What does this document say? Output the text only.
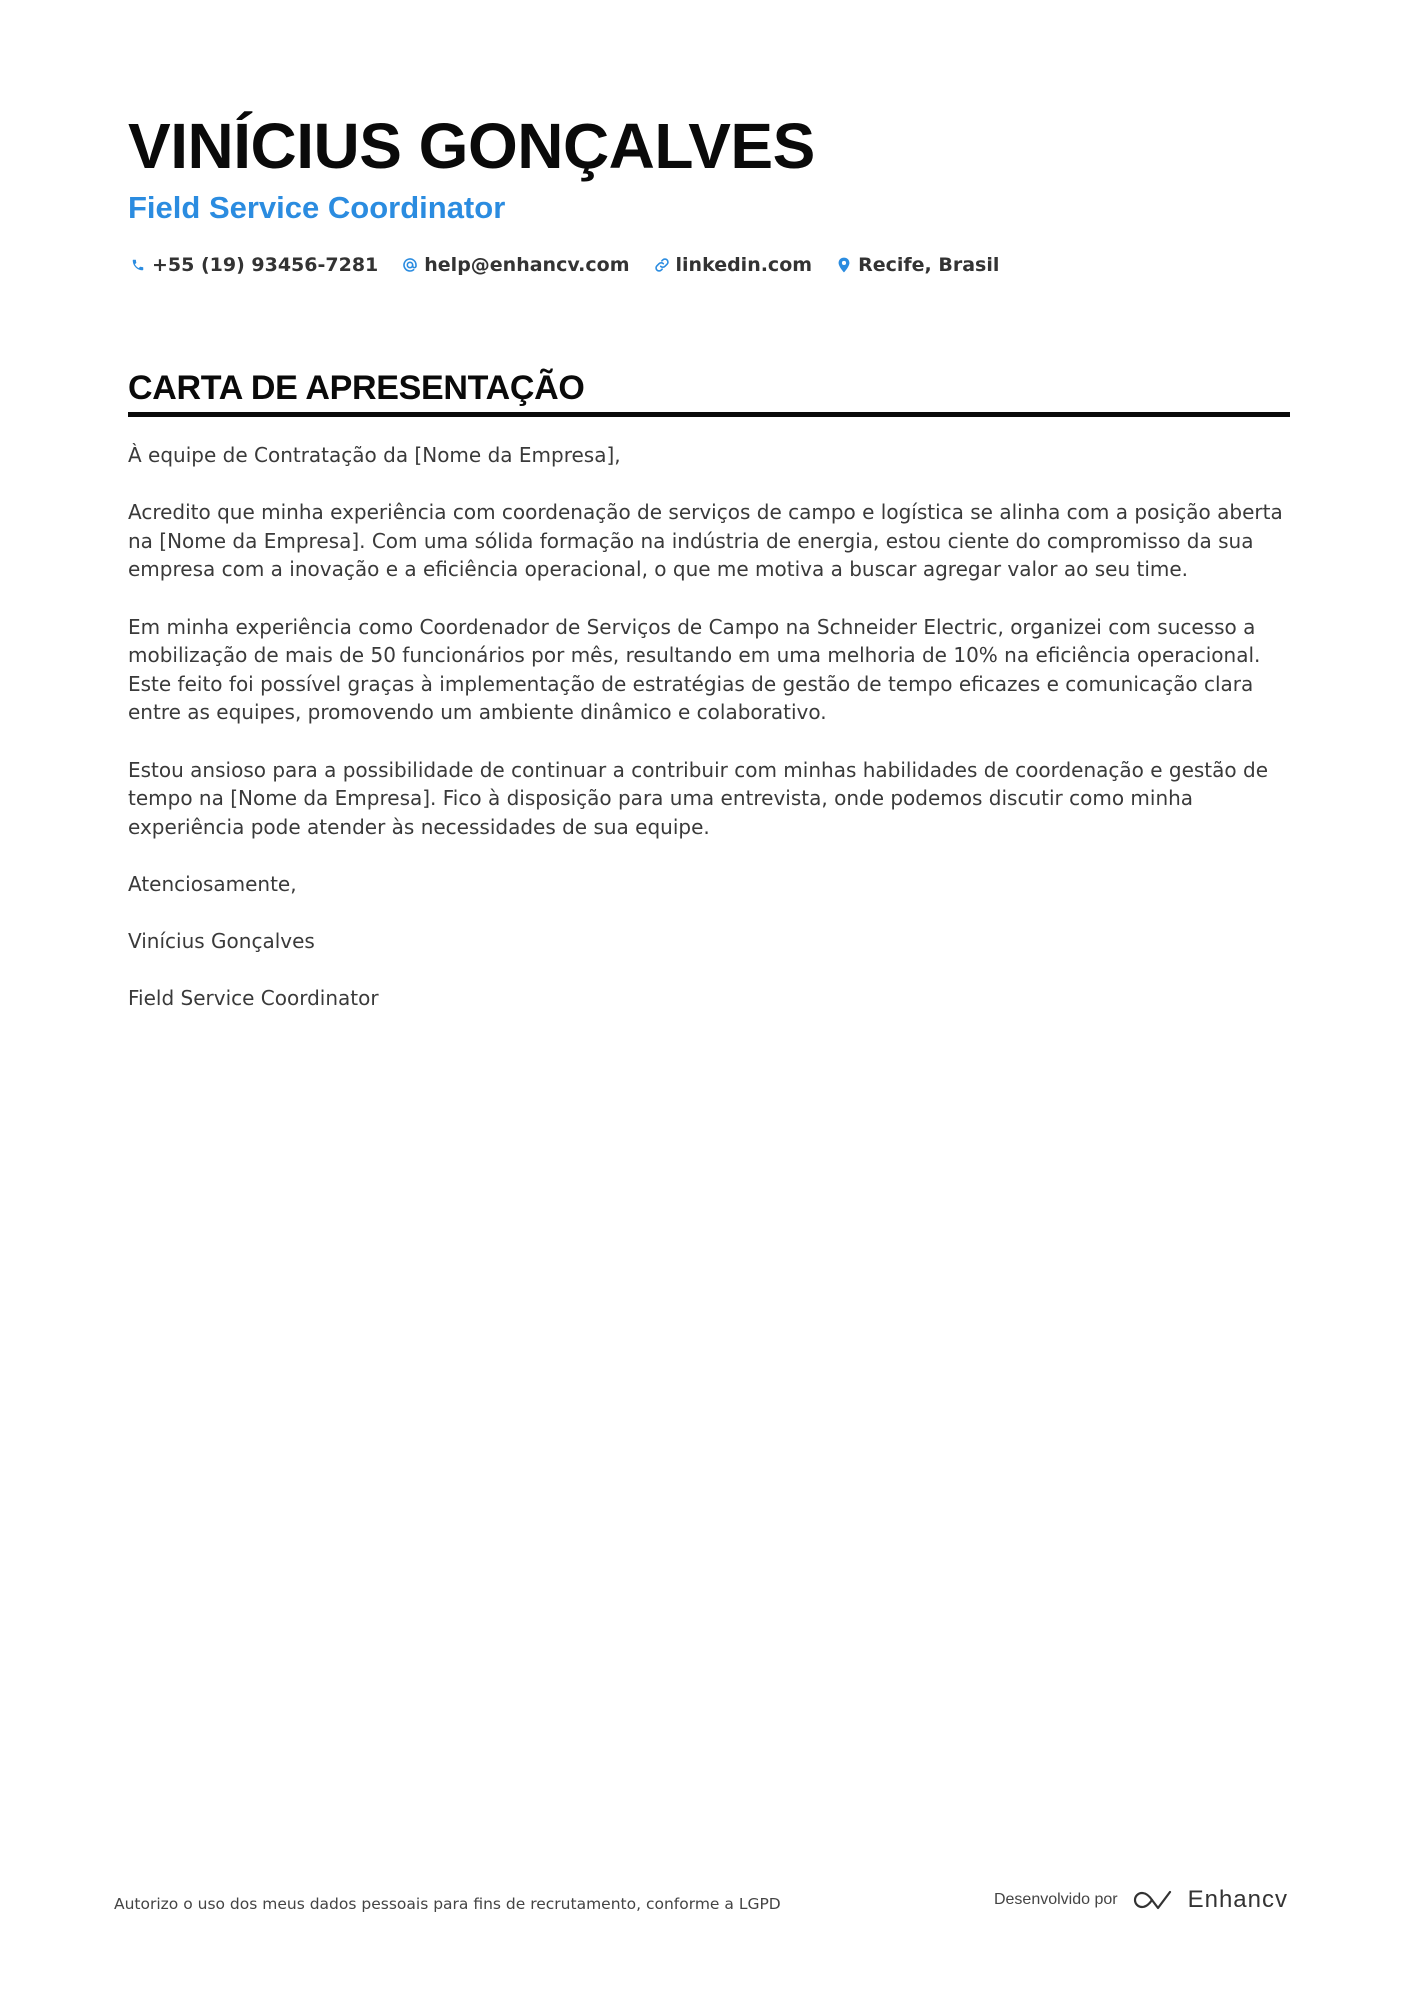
VINÍCIUS GONÇALVES
Field Service Coordinator
+55 (19) 93456-7281 help@enhancv.com linkedin.com Recife, Brasil
CARTA DE APRESENTAÇÃO

À equipe de Contratação da [Nome da Empresa],

Acredito que minha experiência com coordenação de serviços de campo e logística se alinha com a posição aberta na [Nome da Empresa]. Com uma sólida formação na indústria de energia, estou ciente do compromisso da sua empresa com a inovação e a eficiência operacional, o que me motiva a buscar agregar valor ao seu time.

Em minha experiência como Coordenador de Serviços de Campo na Schneider Electric, organizei com sucesso a mobilização de mais de 50 funcionários por mês, resultando em uma melhoria de 10% na eficiência operacional. Este feito foi possível graças à implementação de estratégias de gestão de tempo eficazes e comunicação clara entre as equipes, promovendo um ambiente dinâmico e colaborativo.

Estou ansioso para a possibilidade de continuar a contribuir com minhas habilidades de coordenação e gestão de tempo na [Nome da Empresa]. Fico à disposição para uma entrevista, onde podemos discutir como minha experiência pode atender às necessidades de sua equipe.

Atenciosamente,

Vinícius Gonçalves

Field Service Coordinator

Autorizo o uso dos meus dados pessoais para fins de recrutamento, conforme a LGPD	Desenvolvido por	Enhancv
